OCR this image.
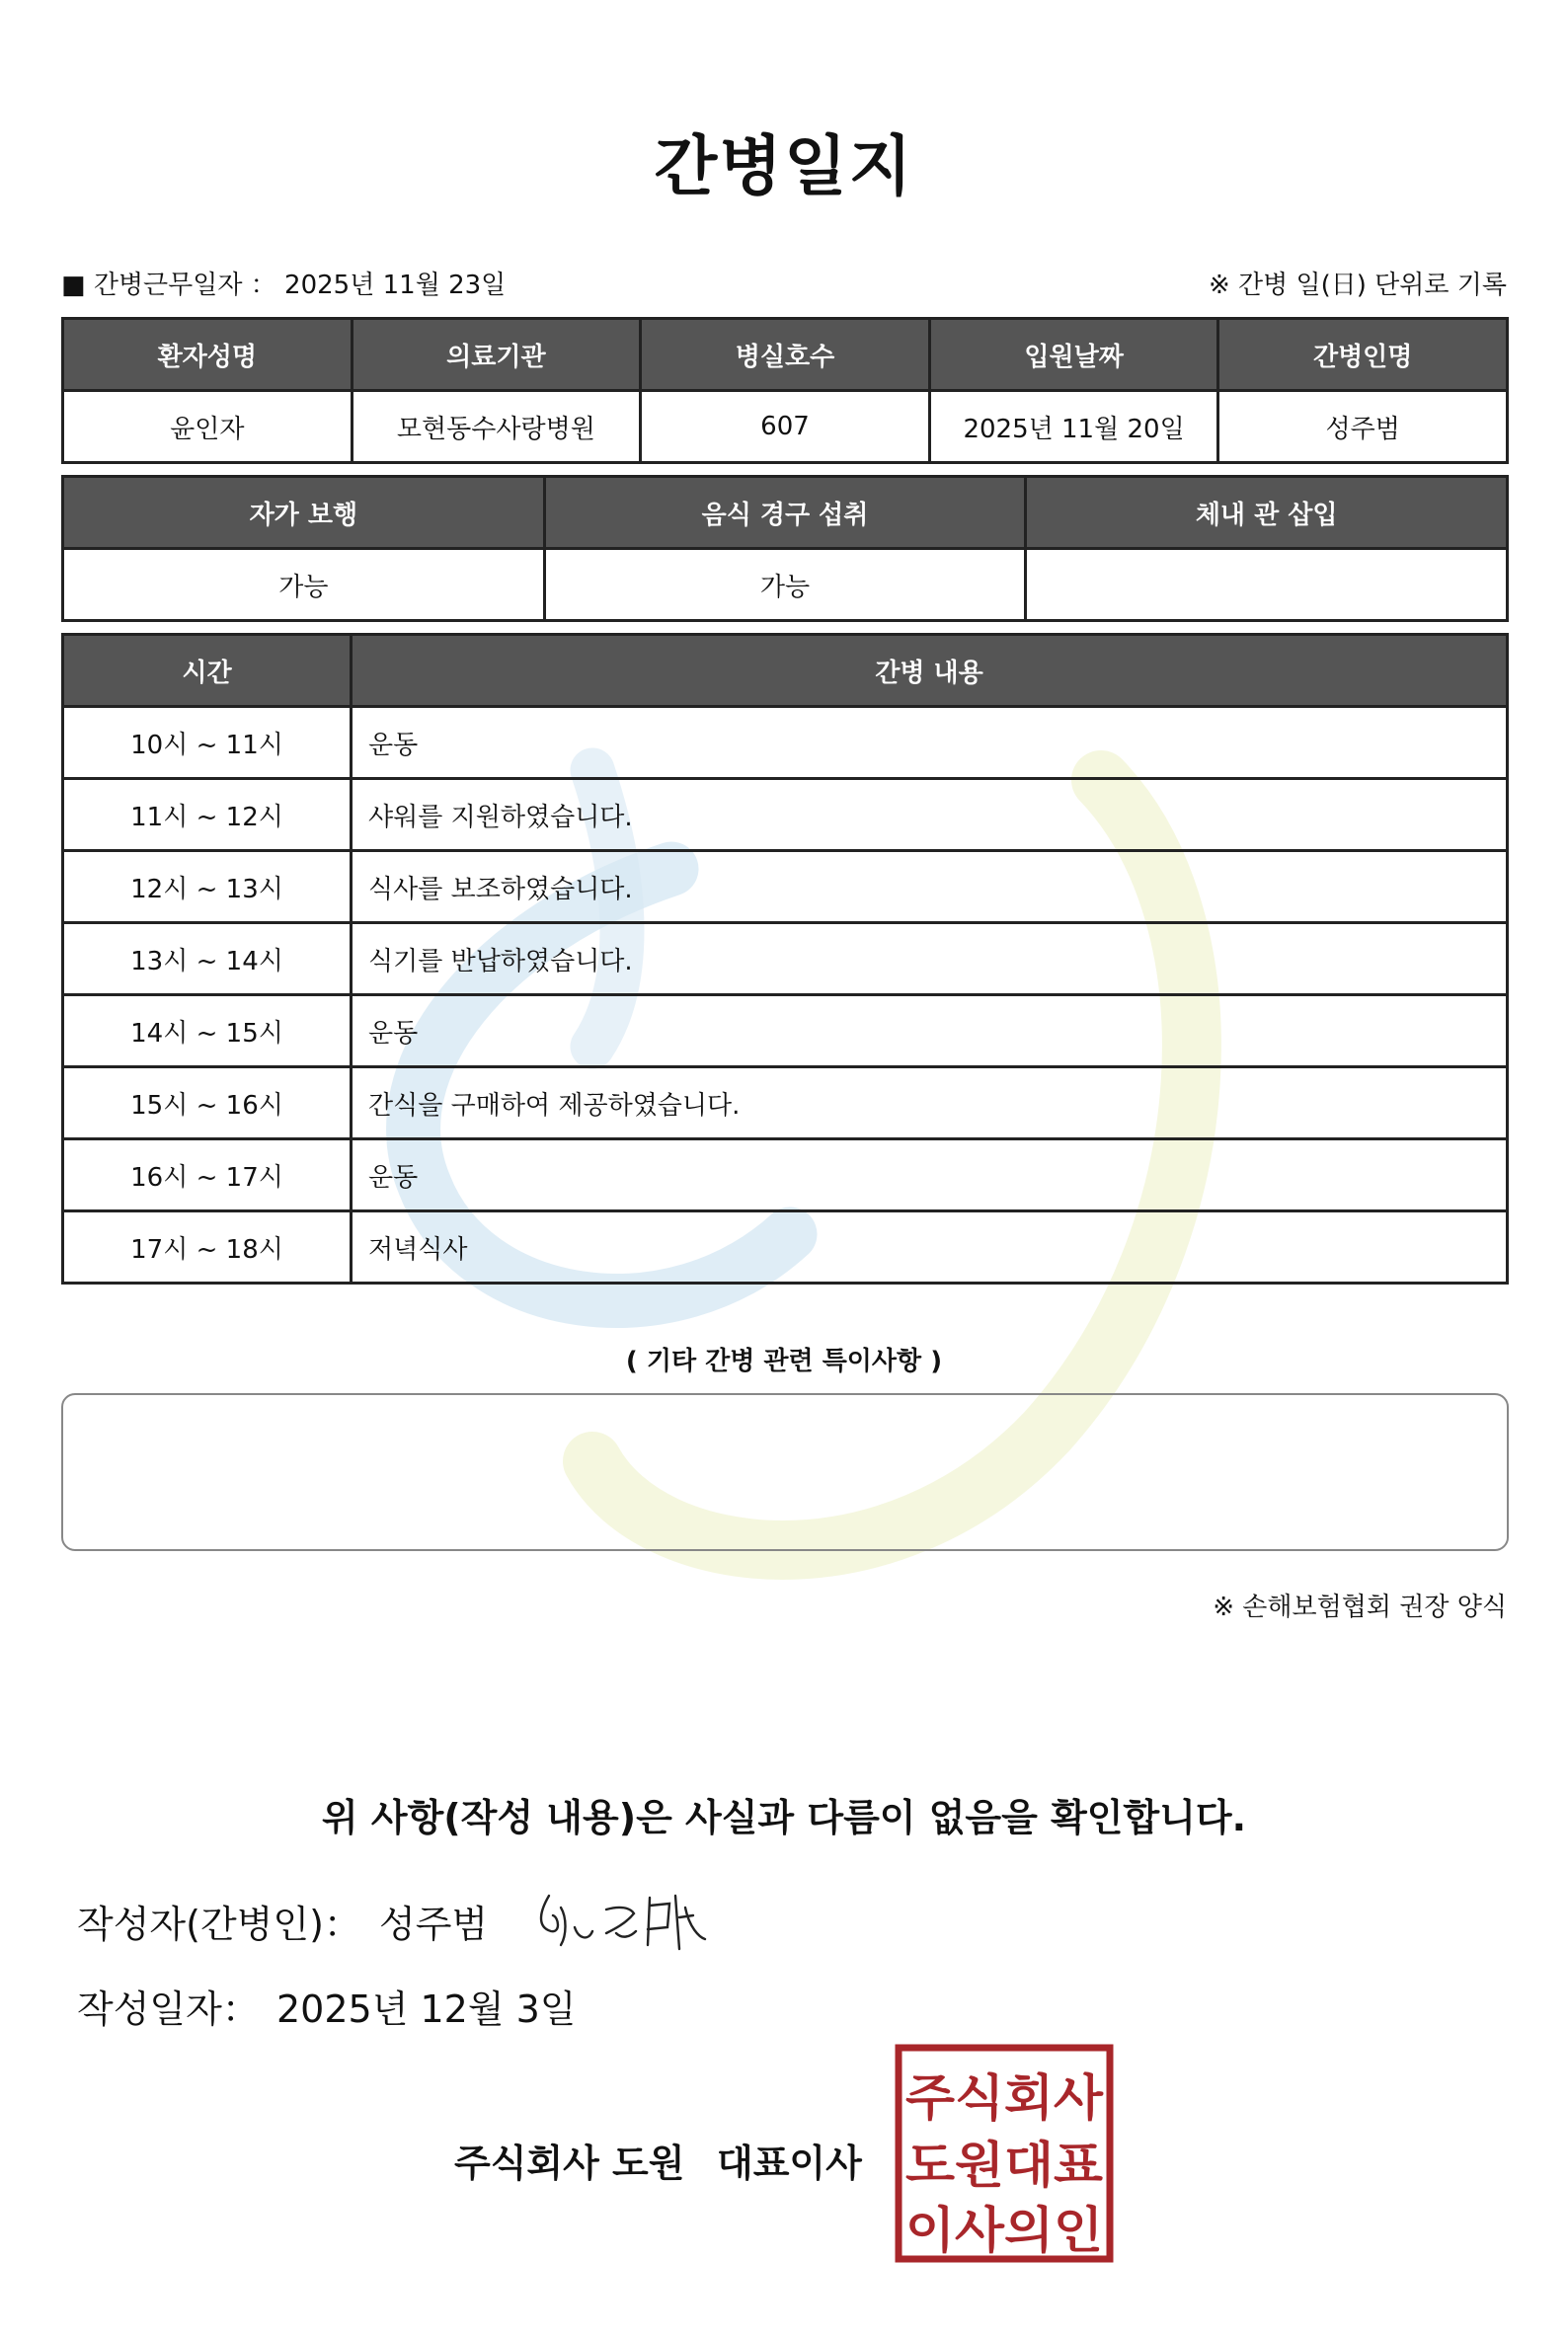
간병일지
■ 간병근무일자 ： 2025년 11월 23일	※ 간병 일(日) 단위로 기록
환자성명	의료기관	병실호수	입원날짜	간병인명
윤인자	모현동수사랑병원	607	2025년 11월 20일	성주범
자가 보행	음식 경구 섭취	체내 관 삽입
가능	가능	
시간	간병 내용
10시 ~ 11시	운동
11시 ~ 12시	샤워를 지원하였습니다.
12시 ~ 13시	식사를 보조하였습니다.
13시 ~ 14시	식기를 반납하였습니다.
14시 ~ 15시	운동
15시 ~ 16시	간식을 구매하여 제공하였습니다.
16시 ~ 17시	운동
17시 ~ 18시	저녁식사
( 기타 간병 관련 특이사항 )
※ 손해보험협회 권장 양식
위 사항(작성 내용)은 사실과 다름이 없음을 확인합니다.
작성자(간병인)： 성주범
작성일자： 2025년 12월 3일
주식회사 도원 대표이사
주식회사
도원대표
이사의인
